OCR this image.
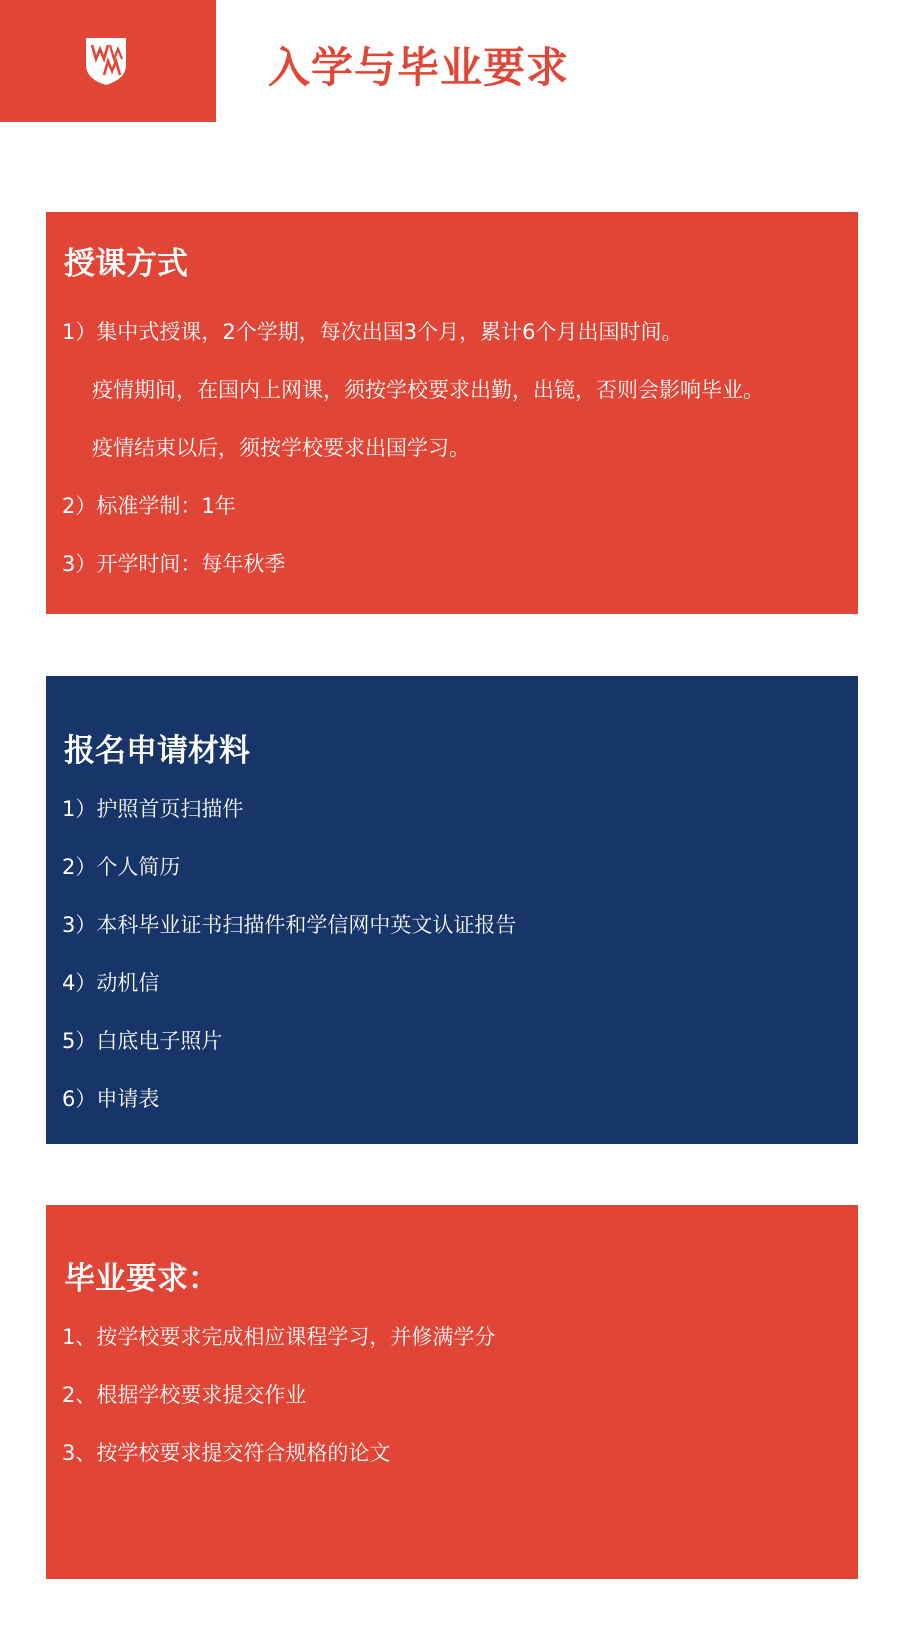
入学与毕业要求
授课方式
1）集中式授课，2个学期，每次出国3个月，累计6个月出国时间。
疫情期间，在国内上网课，须按学校要求出勤，出镜，否则会影响毕业。
疫情结束以后，须按学校要求出国学习。
2）标准学制：1年
3）开学时间：每年秋季
报名申请材料
1）护照首页扫描件
2）个人简历
3）本科毕业证书扫描件和学信网中英文认证报告
4）动机信
5）白底电子照片
6）申请表
毕业要求：
1、按学校要求完成相应课程学习，并修满学分
2、根据学校要求提交作业
3、按学校要求提交符合规格的论文
